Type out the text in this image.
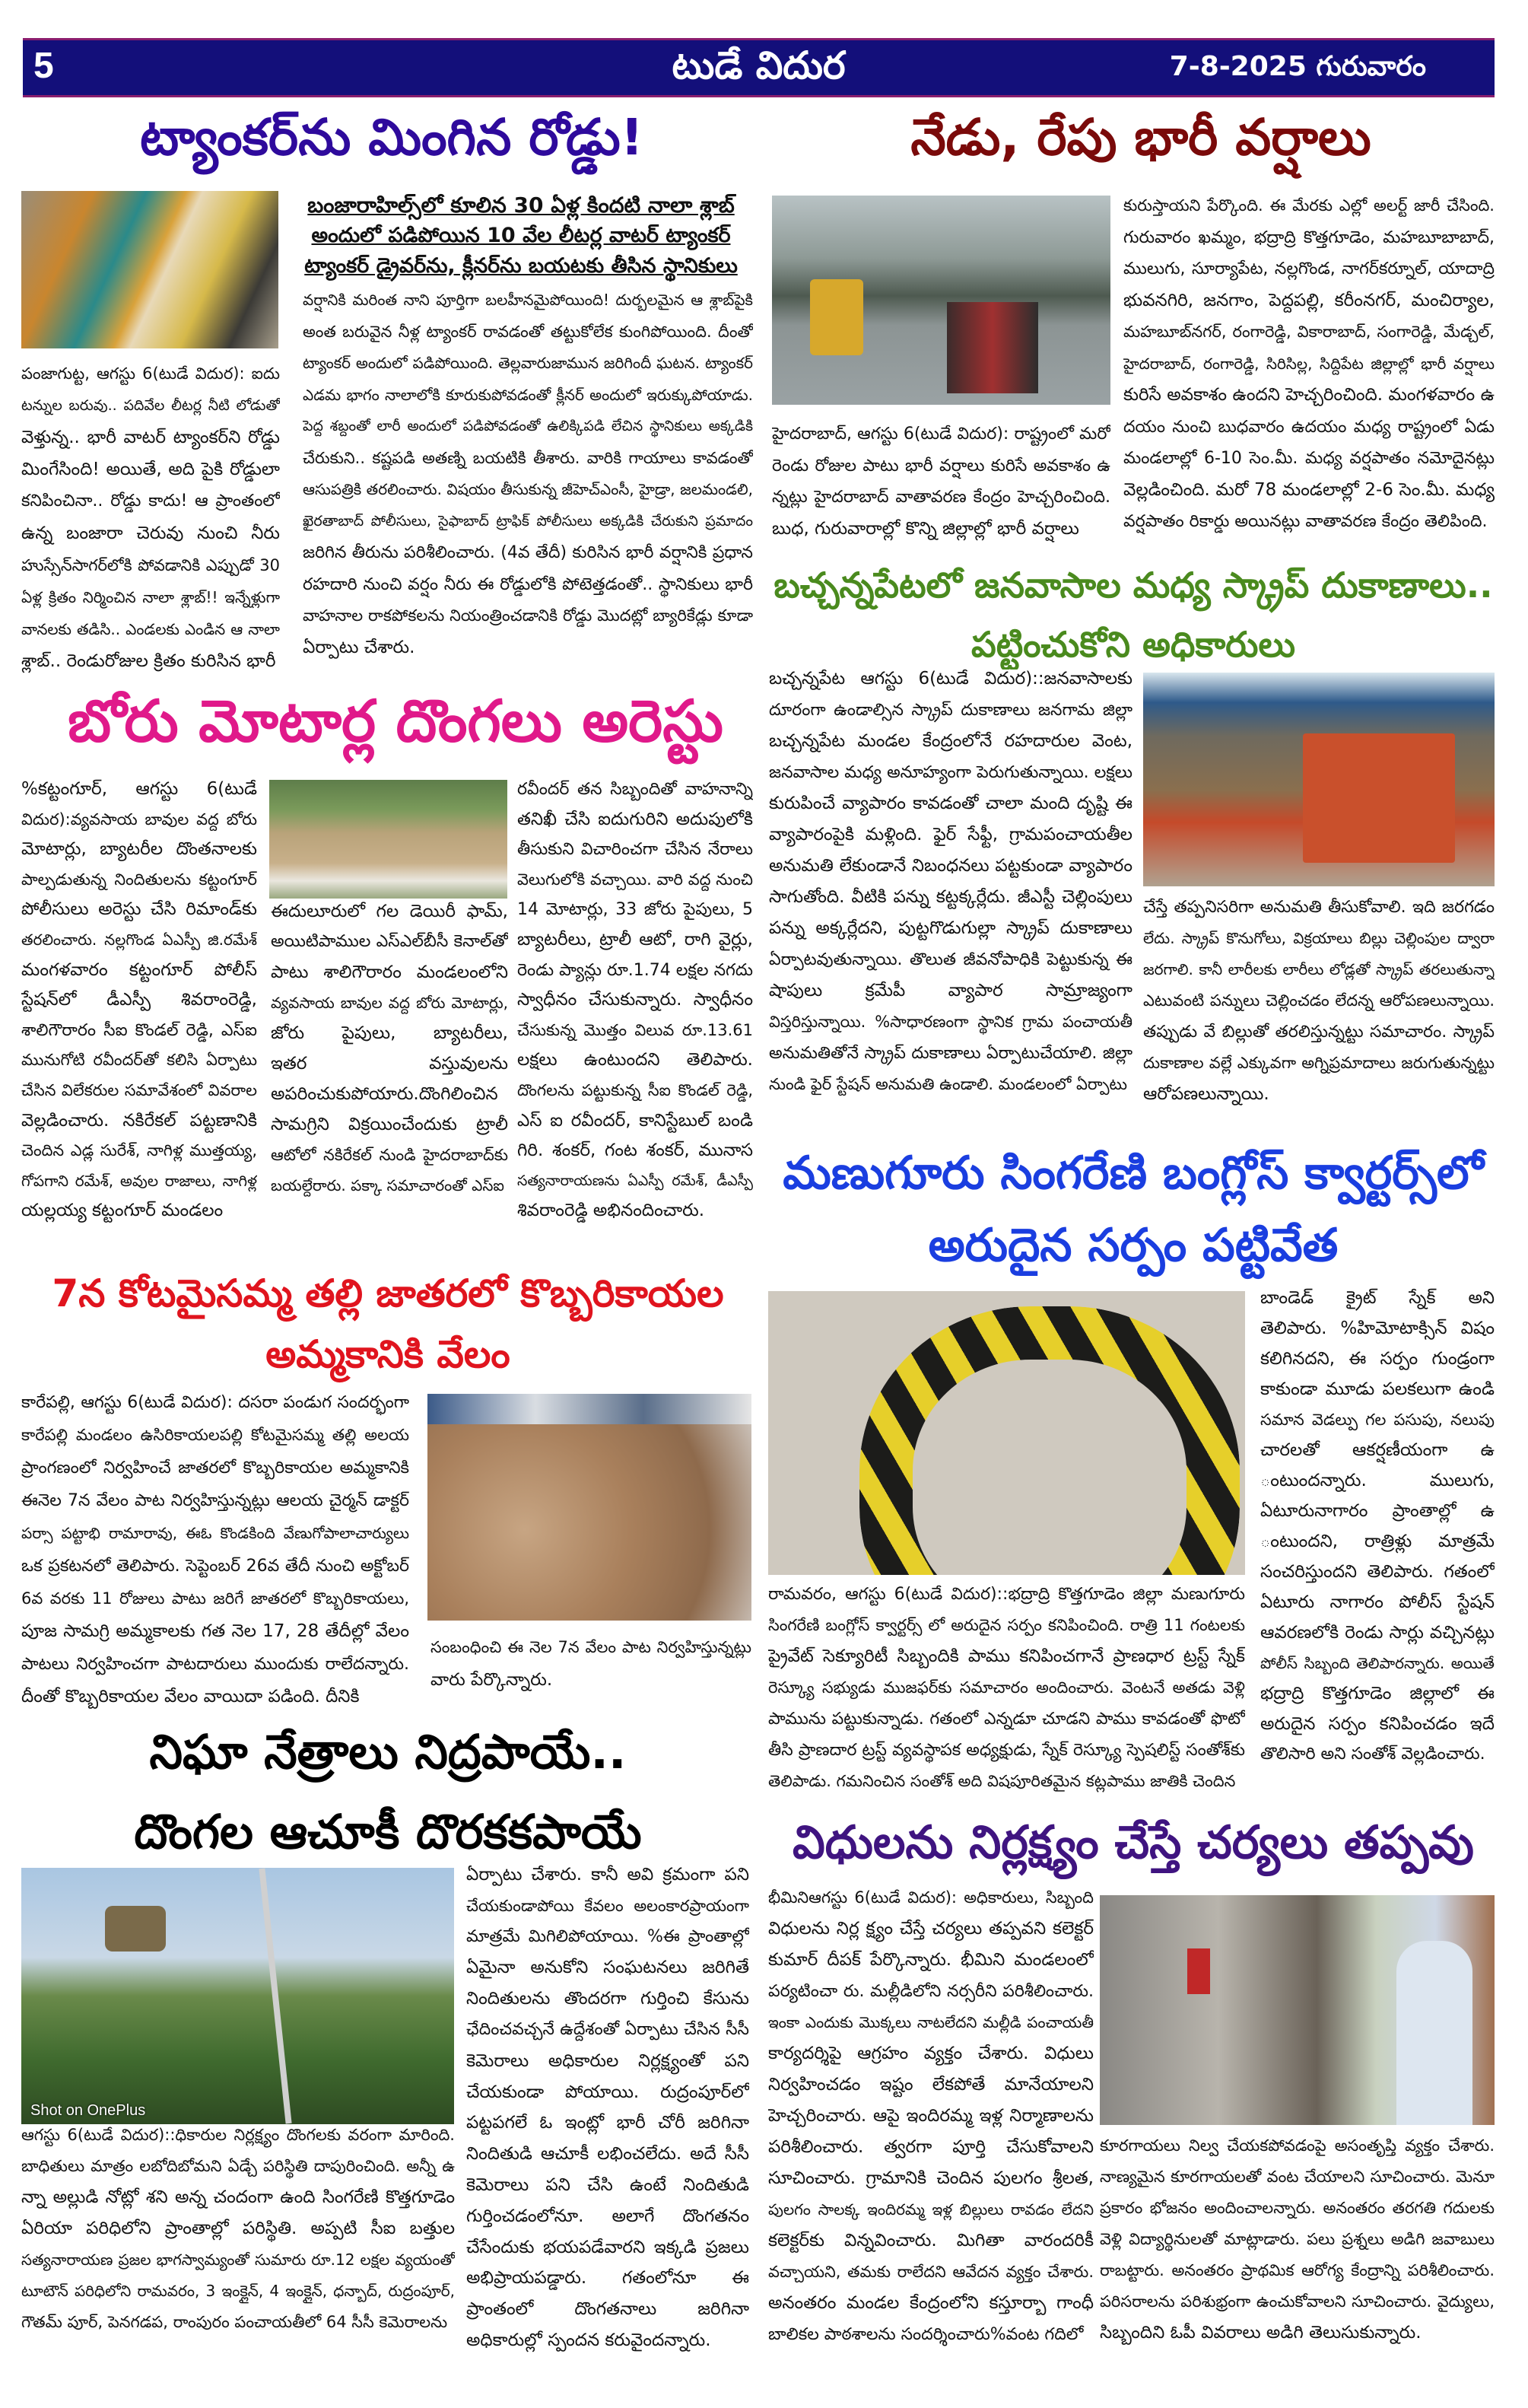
5	టుడే విదుర	7-8-2025 గురువారం
ట్యాంకర్‌ను మింగిన రోడ్డు!
బంజారాహిల్స్‌లో కూలిన 30 ఏళ్ల కిందటి నాలా శ్లాబ్
అందులో పడిపోయిన 10 వేల లీటర్ల వాటర్ ట్యాంకర్
ట్యాంకర్ డ్రైవర్‌ను, క్లీనర్‌ను బయటకు తీసిన స్థానికులు
పంజాగుట్ట, ఆగస్టు 6(టుడే విదుర): ఐదు
టన్నుల బరువు.. పదివేల లీటర్ల నీటి లోడుతో
వెళ్తున్న.. భారీ వాటర్ ట్యాంకర్‌ని రోడ్డు
మింగేసింది! అయితే, అది పైకి రోడ్డులా
కనిపించినా.. రోడ్డు కాదు! ఆ ప్రాంతంలో
ఉన్న బంజారా చెరువు నుంచి నీరు
హుస్సేన్‌సాగర్‌లోకి పోవడానికి ఎప్పుడో 30
ఏళ్ల క్రితం నిర్మించిన నాలా శ్లాబ్!! ఇన్నేళ్లుగా
వానలకు తడిసి.. ఎండలకు ఎండిన ఆ నాలా
శ్లాబ్.. రెండురోజుల క్రితం కురిసిన భారీ
వర్షానికి మరింత నాని పూర్తిగా బలహీనమైపోయింది! దుర్బలమైన ఆ శ్లాబ్‌పైకి
అంత బరువైన నీళ్ల ట్యాంకర్ రావడంతో తట్టుకోలేక కుంగిపోయింది. దీంతో
ట్యాంకర్ అందులో పడిపోయింది. తెల్లవారుజామున జరిగిందీ ఘటన. ట్యాంకర్
ఎడమ భాగం నాలాలోకి కూరుకుపోవడంతో క్లీనర్ అందులో ఇరుక్కుపోయాడు.
పెద్ద శబ్దంతో లారీ అందులో పడిపోవడంతో ఉలిక్కిపడి లేచిన స్థానికులు అక్కడికి
చేరుకుని.. కష్టపడి అతణ్ని బయటికి తీశారు. వారికి గాయాలు కావడంతో
ఆసుపత్రికి తరలించారు. విషయం తీసుకున్న జీహెచ్ఎంసీ, హైడ్రా, జలమండలి,
ఖైరతాబాద్ పోలీసులు, సైఫాబాద్ ట్రాఫిక్ పోలీసులు అక్కడికి చేరుకుని ప్రమాదం
జరిగిన తీరును పరిశీలించారు. (4వ తేదీ) కురిసిన భారీ వర్షానికి ప్రధాన
రహదారి నుంచి వర్షం నీరు ఈ రోడ్డులోకి పోటెత్తడంతో.. స్థానికులు భారీ
వాహనాల రాకపోకలను నియంత్రించడానికి రోడ్డు మొదట్లో బ్యారికేడ్లు కూడా
ఏర్పాటు చేశారు.
నేడు, రేపు భారీ వర్షాలు
హైదరాబాద్, ఆగస్టు 6(టుడే విదుర): రాష్ట్రంలో మరో
రెండు రోజుల పాటు భారీ వర్షాలు కురిసే అవకాశం ఉ
న్నట్లు హైదరాబాద్ వాతావరణ కేంద్రం హెచ్చరించింది.
బుధ, గురువారాల్లో కొన్ని జిల్లాల్లో భారీ వర్షాలు
కురుస్తాయని పేర్కొంది. ఈ మేరకు ఎల్లో అలర్ట్ జారీ చేసింది.
గురువారం ఖమ్మం, భద్రాద్రి కొత్తగూడెం, మహబూబాబాద్,
ములుగు, సూర్యాపేట, నల్లగొండ, నాగర్‌కర్నూల్, యాదాద్రి
భువనగిరి, జనగాం, పెద్దపల్లి, కరీంనగర్, మంచిర్యాల,
మహబూబ్‌నగర్, రంగారెడ్డి, వికారాబాద్, సంగారెడ్డి, మేడ్చల్,
హైదరాబాద్, రంగారెడ్డి, సిరిసిల్ల, సిద్దిపేట జిల్లాల్లో భారీ వర్షాలు
కురిసే అవకాశం ఉందని హెచ్చరించింది. మంగళవారం ఉ
దయం నుంచి బుధవారం ఉదయం మధ్య రాష్ట్రంలో ఏడు
మండలాల్లో 6-10 సెం.మీ. మధ్య వర్షపాతం నమోదైనట్లు
వెల్లడించింది. మరో 78 మండలాల్లో 2-6 సెం.మీ. మధ్య
వర్షపాతం రికార్డు అయినట్లు వాతావరణ కేంద్రం తెలిపింది.
బచ్చన్నపేటలో జనవాసాల మధ్య స్క్రాప్ దుకాణాలు..
పట్టించుకోని అధికారులు
బచ్చన్నపేట ఆగస్టు 6(టుడే విదుర)::జనవాసాలకు
దూరంగా ఉండాల్సిన స్క్రాప్ దుకాణాలు జనగామ జిల్లా
బచ్చన్నపేట మండల కేంద్రంలోనే రహదారుల వెంట,
జనవాసాల మధ్య అనూహ్యంగా పెరుగుతున్నాయి. లక్షలు
కురుపించే వ్యాపారం కావడంతో చాలా మంది దృష్టి ఈ
వ్యాపారంపైకి మళ్లింది. ఫైర్ సేఫ్టీ, గ్రామపంచాయతీల
అనుమతి లేకుండానే నిబంధనలు పట్టకుండా వ్యాపారం
సాగుతోంది. వీటికి పన్ను కట్టక్కర్లేదు. జీఎస్టీ చెల్లింపులు
పన్ను అక్కర్లేదని, పుట్టగొడుగుల్లా స్క్రాప్ దుకాణాలు
ఏర్పాటవుతున్నాయి. తొలుత జీవనోపాధికి పెట్టుకున్న ఈ
షాపులు క్రమేపీ వ్యాపార సామ్రాజ్యంగా
విస్తరిస్తున్నాయి. %సాధారణంగా స్థానిక గ్రామ పంచాయతీ
అనుమతితోనే స్క్రాప్ దుకాణాలు ఏర్పాటుచేయాలి. జిల్లా
నుండి ఫైర్ స్టేషన్ అనుమతి ఉండాలి. మండలంలో ఏర్పాటు
చేస్తే తప్పనిసరిగా అనుమతి తీసుకోవాలి. ఇది జరగడం
లేదు. స్క్రాప్ కొనుగోలు, విక్రయాలు బిల్లు చెల్లింపుల ద్వారా
జరగాలి. కానీ లారీలకు లారీలు లోడ్లతో స్క్రాప్ తరలుతున్నా
ఎటువంటి పన్నులు చెల్లించడం లేదన్న ఆరోపణలున్నాయి.
తప్పుడు వే బిల్లుతో తరలిస్తున్నట్టు సమాచారం. స్క్రాప్
దుకాణాల వల్లే ఎక్కువగా అగ్నిప్రమాదాలు జరుగుతున్నట్టు
ఆరోపణలున్నాయి.
బోరు మోటార్ల దొంగలు అరెస్టు
%కట్టంగూర్, ఆగస్టు 6(టుడే
విదుర):వ్యవసాయ బావుల వద్ద బోరు
మోటార్లు, బ్యాటరీల దొంతనాలకు
పాల్పడుతున్న నిందితులను కట్టంగూర్
పోలీసులు అరెస్టు చేసి రిమాండ్‌కు
తరలించారు. నల్లగొండ ఏఎస్పీ జి.రమేశ్
మంగళవారం కట్టంగూర్ పోలీస్
స్టేషన్‌లో డీఎస్పీ శివరాంరెడ్డి,
శాలిగౌరారం సీఐ కొండల్ రెడ్డి, ఎస్ఐ
మునుగోటి రవీందర్‌తో కలిసి ఏర్పాటు
చేసిన విలేకరుల సమావేశంలో వివరాల
వెల్లడించారు. నకిరేకల్ పట్టణానికి
చెందిన ఎడ్ల సురేశ్, నాగిళ్ల ముత్తయ్య,
గోపగాని రమేశ్, అవుల రాజాలు, నాగిళ్ల
యల్లయ్య కట్టంగూర్ మండలం
ఈదులూరులో గల డెయిరీ ఫామ్,
అయిటిపాముల ఎస్ఎల్‌బీసీ కెనాల్‌తో
పాటు శాలిగౌరారం మండలంలోని
వ్యవసాయ బావుల వద్ద బోరు మోటార్లు,
జోరు పైపులు, బ్యాటరీలు,
ఇతర వస్తువులను
అపరించుకుపోయారు.దొంగిలించిన
సామగ్రిని విక్రయించేందుకు ట్రాలీ
ఆటోలో నకిరేకల్ నుండి హైదరాబాద్‌కు
బయల్దేరారు. పక్కా సమాచారంతో ఎస్ఐ
రవీందర్ తన సిబ్బందితో వాహనాన్ని
తనిఖీ చేసి ఐదుగురిని అదుపులోకి
తీసుకుని విచారించగా చేసిన నేరాలు
వెలుగులోకి వచ్చాయి. వారి వద్ద నుంచి
14 మోటార్లు, 33 జోరు పైపులు, 5
బ్యాటరీలు, ట్రాలీ ఆటో, రాగి వైర్లు,
రెండు ప్యాన్లు రూ.1.74 లక్షల నగదు
స్వాధీనం చేసుకున్నారు. స్వాధీనం
చేసుకున్న మొత్తం విలువ రూ.13.61
లక్షలు ఉంటుందని తెలిపారు.
దొంగలను పట్టుకున్న సీఐ కొండల్ రెడ్డి,
ఎస్ ఐ రవీందర్, కానిస్టేబుల్ బండి
గిరి. శంకర్, గంట శంకర్, మునాస
సత్యనారాయణను ఏఎస్పీ రమేశ్, డీఎస్పీ
శివరాంరెడ్డి అభినందించారు.
7న కోటమైసమ్మ తల్లి జాతరలో కొబ్బరికాయల
అమ్మకానికి వేలం
కారేపల్లి, ఆగస్టు 6(టుడే విదుర): దసరా పండుగ సందర్భంగా
కారేపల్లి మండలం ఉసిరికాయలపల్లి కోటమైసమ్మ తల్లి అలయ
ప్రాంగణంలో నిర్వహించే జాతరలో కొబ్బరికాయల అమ్మకానికి
ఈనెల 7న వేలం పాట నిర్వహిస్తున్నట్లు ఆలయ చైర్మన్ డాక్టర్
పర్సా పట్టాభి రామారావు, ఈఓ కొండకింది వేణుగోపాలాచార్యులు
ఒక ప్రకటనలో తెలిపారు. సెప్టెంబర్ 26వ తేదీ నుంచి అక్టోబర్
6వ వరకు 11 రోజులు పాటు జరిగే జాతరలో కొబ్బరికాయలు,
పూజ సామగ్రి అమ్మకాలకు గత నెల 17, 28 తేదీల్లో వేలం
పాటలు నిర్వహించగా పాటదారులు ముందుకు రాలేదన్నారు.
దీంతో కొబ్బరికాయల వేలం వాయిదా పడింది. దీనికి
సంబంధించి ఈ నెల 7న వేలం పాట నిర్వహిస్తున్నట్లు
వారు పేర్కొన్నారు.
మణుగూరు సింగరేణి బంగ్లోస్ క్వార్టర్స్‌లో
అరుదైన సర్పం పట్టివేత
బాండెడ్ క్రైట్ స్నేక్ అని
తెలిపారు. %హిమోటాక్సిన్ విషం
కలిగినదని, ఈ సర్పం గుండ్రంగా
కాకుండా మూడు పలకలుగా ఉండి
సమాన వెడల్పు గల పసుపు, నలుపు
చారలతో ఆకర్షణీయంగా ఉ
ంటుందన్నారు. ములుగు,
ఏటూరునాగారం ప్రాంతాల్లో ఉ
ంటుందని, రాత్రిళ్లు మాత్రమే
సంచరిస్తుందని తెలిపారు. గతంలో
ఏటూరు నాగారం పోలీస్ స్టేషన్
ఆవరణలోకి రెండు సార్లు వచ్చినట్లు
పోలీస్ సిబ్బంది తెలిపారన్నారు. అయితే
భద్రాద్రి కొత్తగూడెం జిల్లాలో ఈ
అరుదైన సర్పం కనిపించడం ఇదే
తొలిసారి అని సంతోశ్ వెల్లడించారు.
రామవరం, ఆగస్టు 6(టుడే విదుర)::భద్రాద్రి కొత్తగూడెం జిల్లా మణుగూరు
సింగరేణి బంగ్లోస్ క్వార్టర్స్ లో అరుదైన సర్పం కనిపించింది. రాత్రి 11 గంటలకు
ప్రైవేట్ సెక్యూరిటీ సిబ్బందికి పాము కనిపించగానే ప్రాణధార ట్రస్ట్ స్నేక్
రెస్క్యూ సభ్యుడు ముజఫర్‌కు సమాచారం అందించారు. వెంటనే అతడు వెళ్లి
పామును పట్టుకున్నాడు. గతంలో ఎన్నడూ చూడని పాము కావడంతో ఫొటో
తీసి ప్రాణదార ట్రస్ట్ వ్యవస్థాపక అధ్యక్షుడు, స్నేక్ రెస్క్యూ స్పెషలిస్ట్ సంతోశ్‌కు
తెలిపాడు. గమనించిన సంతోశ్ అది విషపూరితమైన కట్లపాము జాతికి చెందిన
నిఘా నేత్రాలు నిద్రపాయే..
దొంగల ఆచూకీ దొరకకపాయే
Shot on OnePlus
ఏర్పాటు చేశారు. కానీ అవి క్రమంగా పని
చేయకుండాపోయి కేవలం అలంకారప్రాయంగా
మాత్రమే మిగిలిపోయాయి. %ఈ ప్రాంతాల్లో
ఏమైనా అనుకోని సంఘటనలు జరిగితే
నిందితులను తొందరగా గుర్తించి కేసును
ఛేదించవచ్చనే ఉద్దేశంతో ఏర్పాటు చేసిన సీసీ
కెమెరాలు అధికారుల నిర్లక్ష్యంతో పని
చేయకుండా పోయాయి. రుద్రంపూర్‌లో
పట్టపగలే ఓ ఇంట్లో భారీ చోరీ జరిగినా
నిందితుడి ఆచూకీ లభించలేదు. అదే సీసీ
కెమెరాలు పని చేసి ఉంటే నిందితుడి
గుర్తించడంలోనూ. అలాగే దొంగతనం
చేసేందుకు భయపడేవారని ఇక్కడి ప్రజలు
అభిప్రాయపడ్డారు. గతంలోనూ ఈ
ప్రాంతంలో దొంగతనాలు జరిగినా
అధికారుల్లో స్పందన కరువైందన్నారు.
ఆగస్టు 6(టుడే విదుర)::ధికారుల నిర్లక్ష్యం దొంగలకు వరంగా మారింది.
బాధితులు మాత్రం లబోదిబోమని ఏడ్చే పరిస్థితి దాపురించింది. అన్నీ ఉ
న్నా అల్లుడి నోట్లో శని అన్న చందంగా ఉంది సింగరేణి కొత్తగూడెం
ఏరియా పరిధిలోని ప్రాంతాల్లో పరిస్థితి. అప్పటి సీఐ బత్తుల
సత్యనారాయణ ప్రజల భాగస్వామ్యంతో సుమారు రూ.12 లక్షల వ్యయంతో
టూటౌన్ పరిధిలోని రామవరం, 3 ఇంక్లైన్, 4 ఇంక్లైన్, ధన్బాద్, రుద్రంపూర్,
గౌతమ్ పూర్, పెనగడప, రాంపురం పంచాయతీలో 64 సీసీ కెమెరాలను
విధులను నిర్లక్ష్యం చేస్తే చర్యలు తప్పవు
భీమినిఆగస్టు 6(టుడే విదుర): అధికారులు, సిబ్బంది
విధులను నిర్ల క్ష్యం చేస్తే చర్యలు తప్పవని కలెక్టర్
కుమార్ దీపక్ పేర్కొన్నారు. భీమిని మండలంలో
పర్యటించా రు. మల్లీడిలోని నర్సరీని పరిశీలించారు.
ఇంకా ఎందుకు మొక్కలు నాటలేదని మల్లీడి పంచాయతీ
కార్యదర్శిపై ఆగ్రహం వ్యక్తం చేశారు. విధులు
నిర్వహించడం ఇష్టం లేకపోతే మానేయాలని
హెచ్చరించారు. ఆపై ఇందిరమ్మ ఇళ్ల నిర్మాణాలను
పరిశీలించారు. త్వరగా పూర్తి చేసుకోవాలని
సూచించారు. గ్రామానికి చెందిన పులగం శ్రీలత,
పులగం సాలక్క ఇందిరమ్మ ఇళ్ల బిల్లులు రావడం లేదని
కలెక్టర్‌కు విన్నవించారు. మిగితా వారందరికీ
వచ్చాయని, తమకు రాలేదని ఆవేదన వ్యక్తం చేశారు.
అనంతరం మండల కేంద్రంలోని కస్తూర్బా గాంధీ
బాలికల పాఠశాలను సందర్శించారు%వంట గదిలో
కూరగాయలు నిల్వ చేయకపోవడంపై అసంతృప్తి వ్యక్తం చేశారు.
నాణ్యమైన కూరగాయలతో వంట చేయాలని సూచించారు. మెనూ
ప్రకారం భోజనం అందించాలన్నారు. అనంతరం తరగతి గదులకు
వెళ్లి విద్యార్థినులతో మాట్లాడారు. పలు ప్రశ్నలు అడిగి జవాబులు
రాబట్టారు. అనంతరం ప్రాథమిక ఆరోగ్య కేంద్రాన్ని పరిశీలించారు.
పరిసరాలను పరిశుభ్రంగా ఉంచుకోవాలని సూచించారు. వైద్యులు,
సిబ్బందిని ఓపీ వివరాలు అడిగి తెలుసుకున్నారు.
